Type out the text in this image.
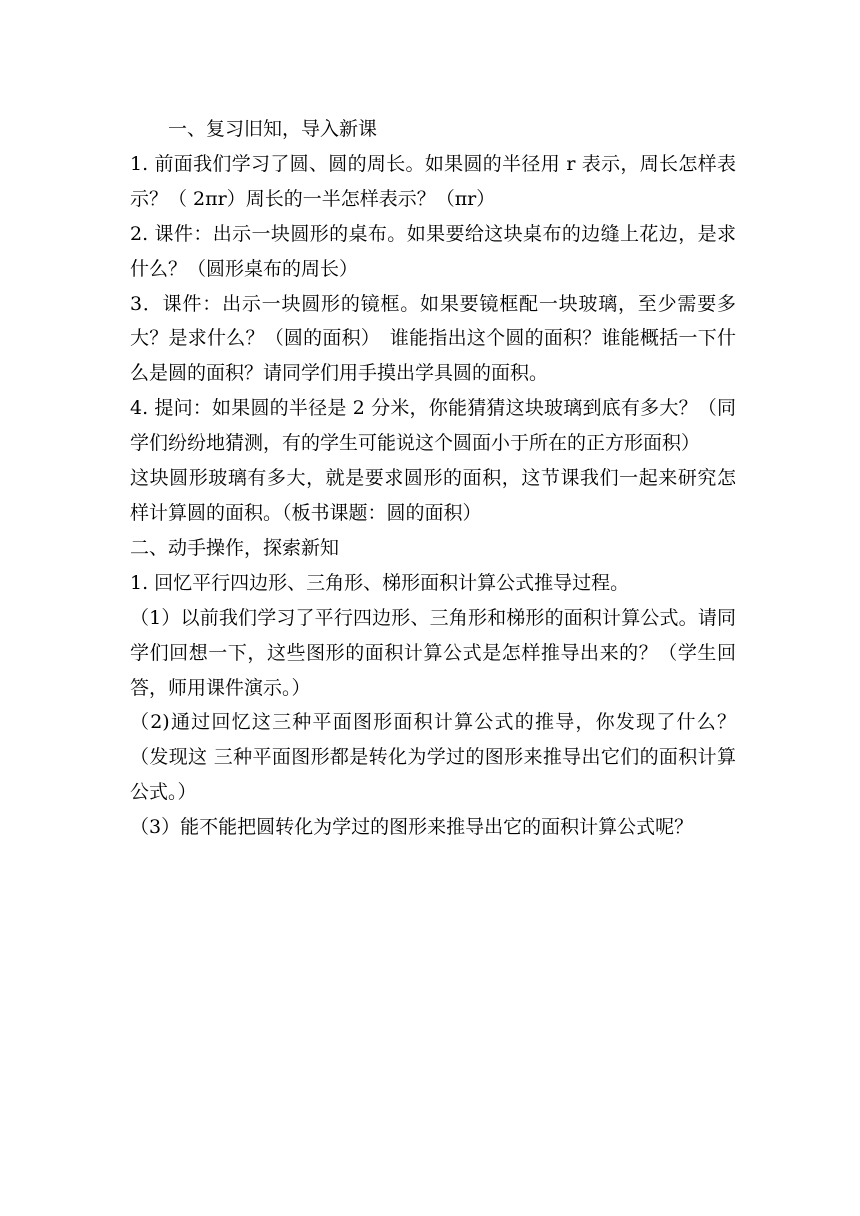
一、复习旧知，导入新课

1. 前面我们学习了圆、圆的周长。如果圆的半径用 r 表示，周长怎样表示？（ 2πr）周长的一半怎样表示？（πr）

2. 课件：出示一块圆形的桌布。如果要给这块桌布的边缝上花边，是求什么？（圆形桌布的周长）

3．课件：出示一块圆形的镜框。如果要镜框配一块玻璃，至少需要多大？是求什么？（圆的面积）　谁能指出这个圆的面积？谁能概括一下什么是圆的面积？请同学们用手摸出学具圆的面积。

4. 提问：如果圆的半径是 2 分米，你能猜猜这块玻璃到底有多大？（同学们纷纷地猜测，有的学生可能说这个圆面小于所在的正方形面积）

这块圆形玻璃有多大，就是要求圆形的面积，这节课我们一起来研究怎样计算圆的面积。（板书课题：圆的面积）

二、动手操作，探索新知

1. 回忆平行四边形、三角形、梯形面积计算公式推导过程。

（1）以前我们学习了平行四边形、三角形和梯形的面积计算公式。请同学们回想一下，这些图形的面积计算公式是怎样推导出来的？（学生回答，师用课件演示。）

（2)通过回忆这三种平面图形面积计算公式的推导，你发现了什么？（发现这 三种平面图形都是转化为学过的图形来推导出它们的面积计算公式。）

（3）能不能把圆转化为学过的图形来推导出它的面积计算公式呢？
